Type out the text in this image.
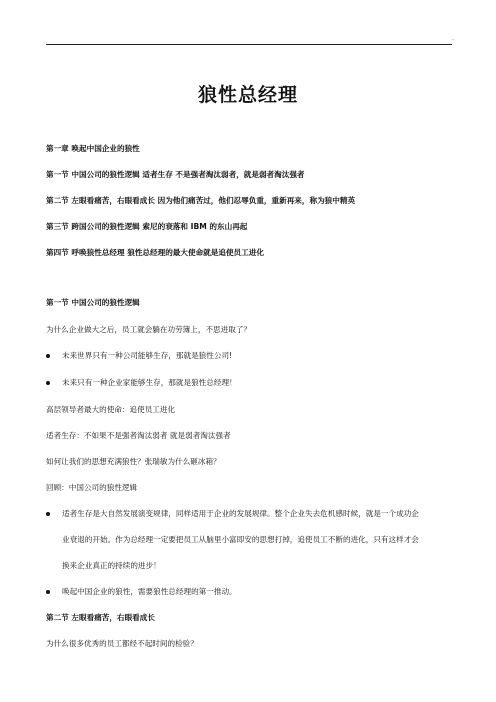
.
狼性总经理
第一章 唤起中国企业的狼性
第一节 中国公司的狼性逻辑 适者生存 不是强者淘汰弱者，就是弱者淘汰强者
第二节 左眼看痛苦，右眼看成长 因为他们痛苦过，他们忍辱负重，重新再来，称为狼中精英
第三节 跨国公司的狼性逻辑 索尼的衰落和 IBM 的东山再起
第四节 呼唤狼性总经理 狼性总经理的最大使命就是追使员工进化
第一节 中国公司的狼性逻辑
为什么企业做大之后，员工就会躺在功劳簿上，不思进取了？
未来世界只有一种公司能够生存，那就是狼性公司!
未来只有一种企业家能够生存，那就是狼性总经理！
高层领导者最大的使命：追使员工进化
适者生存：不如果不是强者淘汰弱者 就是弱者淘汰强者
如何让我们的思想充满狼性？张瑞敏为什么砸冰箱？
回顾：中国公司的狼性逻辑
适者生存是大自然发展演变规律，同样适用于企业的发展规律。整个企业失去危机感时候，就是一个成功企
业衰退的开始。作为总经理一定要把员工从脑里小富即安的思想打掉，追使员工不断的进化，只有这样才会
换来企业真正的持续的进步！
唤起中国企业的狼性，需要狼性总经理的第一推动。
第二节 左眼看痛苦，右眼看成长
为什么很多优秀的员工都经不起时间的检验？
